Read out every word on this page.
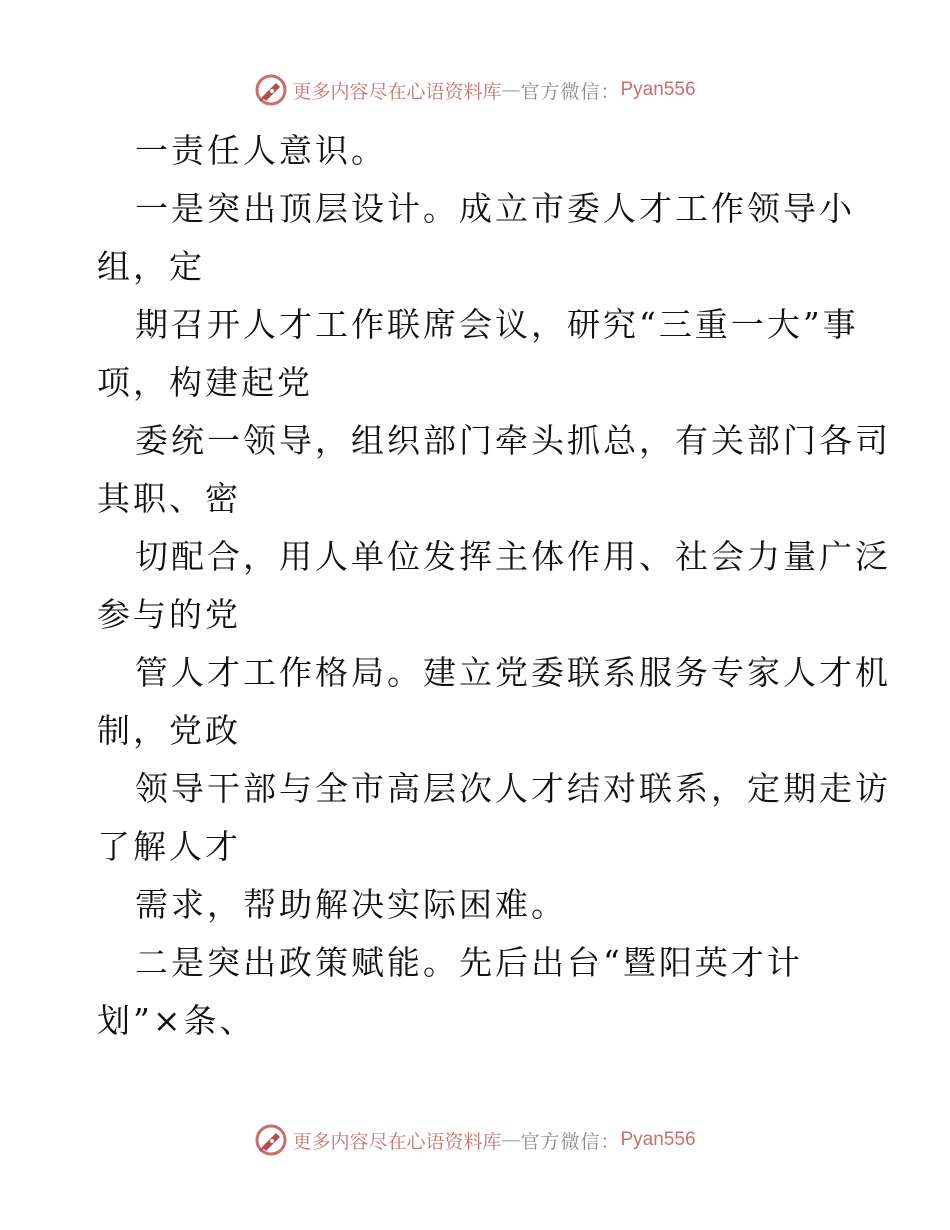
更多内容尽在心语资料库 — 官方微信： Pyan556
一责任人意识。
一是突出顶层设计。成立市委人才工作领导小
组，定
期召开人才工作联席会议，研究“三重一大”事
项，构建起党
委统一领导，组织部门牵头抓总，有关部门各司
其职、密
切配合，用人单位发挥主体作用、社会力量广泛
参与的党
管人才工作格局。建立党委联系服务专家人才机
制，党政
领导干部与全市高层次人才结对联系，定期走访
了解人才
需求，帮助解决实际困难。
二是突出政策赋能。先后出台“暨阳英才计
划”×条、
更多内容尽在心语资料库 — 官方微信： Pyan556
